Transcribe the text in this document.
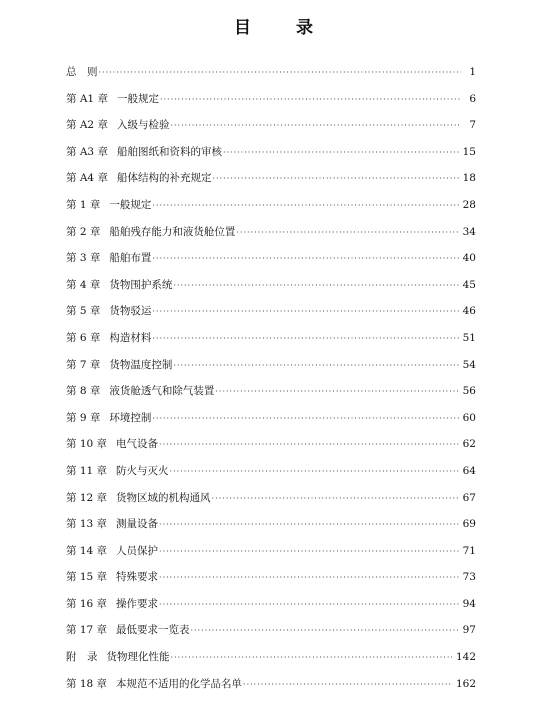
目　录
总　则 ·····	1
第 A1 章 一般规定 ·····	6
第 A2 章 入级与检验 ·····	7
第 A3 章 船舶图纸和资料的审核 ·····	15
第 A4 章 船体结构的补充规定 ·····	18
第 1 章 一般规定 ·····	28
第 2 章 船舶残存能力和液货舱位置 ·····	34
第 3 章 船舶布置 ·····	40
第 4 章 货物围护系统 ·····	45
第 5 章 货物驳运 ·····	46
第 6 章 构造材料 ·····	51
第 7 章 货物温度控制 ·····	54
第 8 章 液货舱透气和除气装置 ·····	56
第 9 章 环境控制 ·····	60
第 10 章 电气设备 ·····	62
第 11 章 防火与灭火 ·····	64
第 12 章 货物区域的机构通风 ·····	67
第 13 章 测量设备 ·····	69
第 14 章 人员保护 ·····	71
第 15 章 特殊要求 ·····	73
第 16 章 操作要求 ·····	94
第 17 章 最低要求一览表 ·····	97
附　录 货物理化性能 ·····	142
第 18 章 本规范不适用的化学品名单 ·····	162
